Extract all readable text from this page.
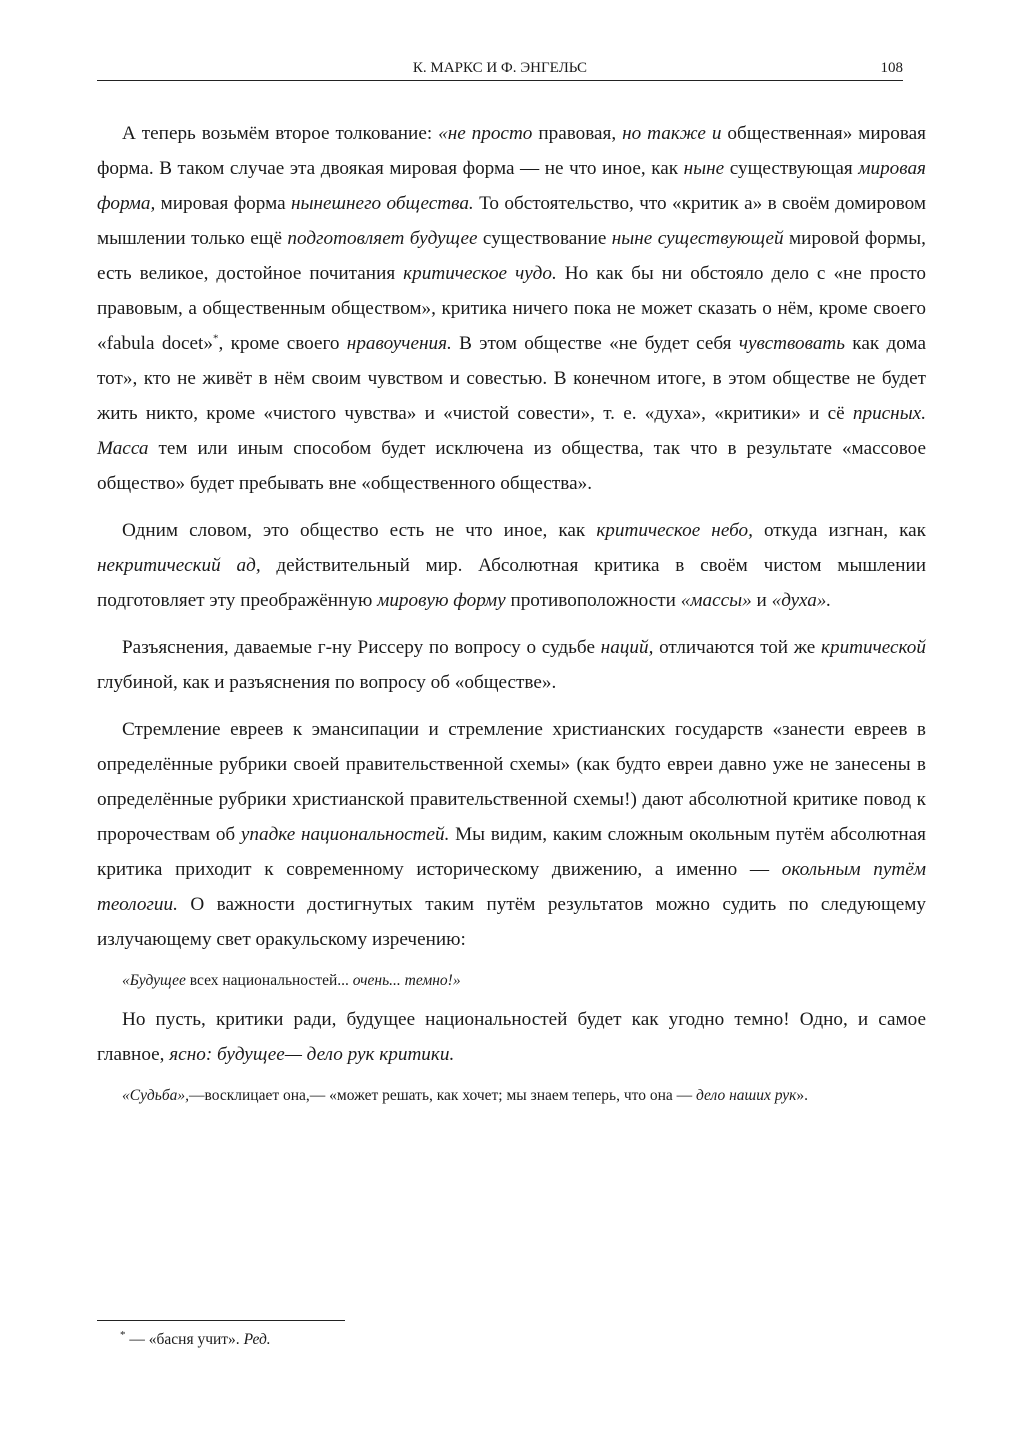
К. МАРКС И Ф. ЭНГЕЛЬС	108

А теперь возьмём второе толкование: «не просто правовая, но также и общественная» мировая форма. В таком случае эта двоякая мировая форма — не что иное, как ныне существующая мировая форма, мировая форма нынешнего общества. То обстоятельство, что «критик а» в своём домировом мышлении только ещё подготовляет будущее существование ныне существующей мировой формы, есть великое, достойное почитания критическое чудо. Но как бы ни обстояло дело с «не просто правовым, а общественным обществом», критика ничего пока не может сказать о нём, кроме своего «fabula docet»*, кроме своего нравоучения. В этом обществе «не будет себя чувствовать как дома тот», кто не живёт в нём своим чувством и совестью. В конечном итоге, в этом обществе не будет жить никто, кроме «чистого чувства» и «чистой совести», т. е. «духа», «критики» и сё присных. Масса тем или иным способом будет исключена из общества, так что в результате «массовое общество» будет пребывать вне «общественного общества».

Одним словом, это общество есть не что иное, как критическое небо, откуда изгнан, как некритический ад, действительный мир. Абсолютная критика в своём чистом мышлении подготовляет эту преображённую мировую форму противоположности «массы» и «духа».

Разъяснения, даваемые г-ну Риссеру по вопросу о судьбе наций, отличаются той же критической глубиной, как и разъяснения по вопросу об «обществе».

Стремление евреев к эмансипации и стремление христианских государств «занести евреев в определённые рубрики своей правительственной схемы» (как будто евреи давно уже не занесены в определённые рубрики христианской правительственной схемы!) дают абсолютной критике повод к пророчествам об упадке национальностей. Мы видим, каким сложным окольным путём абсолютная критика приходит к современному историческому движению, а именно — окольным путём теологии. О важности достигнутых таким путём результатов можно судить по следующему излучающему свет оракульскому изречению:

«Будущее всех национальностей... очень... темно!»

Но пусть, критики ради, будущее национальностей будет как угодно темно! Одно, и самое главное, ясно: будущее— дело рук критики.

«Судьба»,—восклицает она,— «может решать, как хочет; мы знаем теперь, что она — дело наших рук».

* — «басня учит». Ред.
